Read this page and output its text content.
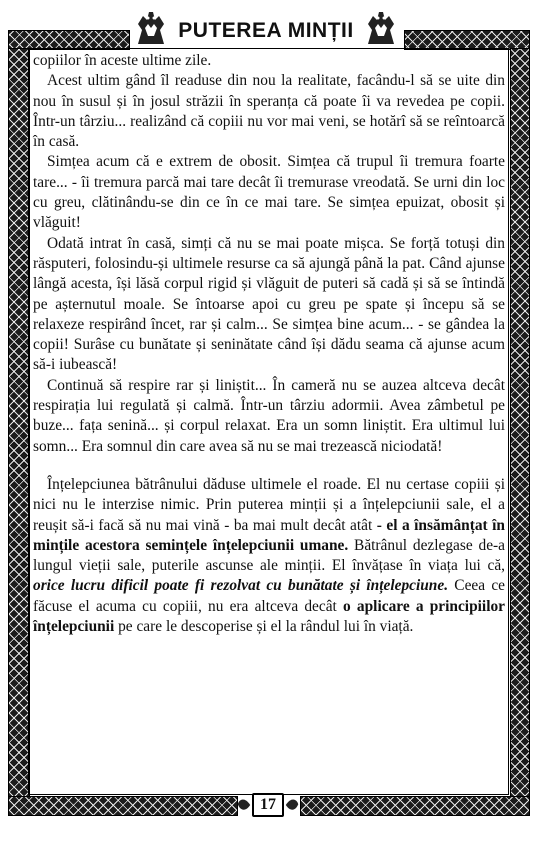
PUTEREA MINȚII

copiilor în aceste ultime zile.

Acest ultim gând îl readuse din nou la realitate, facându-l să se uite din nou în susul și în josul străzii în speranța că poate îi va revedea pe copii. Într-un târziu... realizând că copiii nu vor mai veni, se hotărî să se reîntoarcă în casă.

Simțea acum că e extrem de obosit. Simțea că trupul îi tremura foarte tare... - îi tremura parcă mai tare decât îi tremurase vreodată. Se urni din loc cu greu, clătinându-se din ce în ce mai tare. Se simțea epuizat, obosit și vlăguit!

Odată intrat în casă, simți că nu se mai poate mișca. Se forță totuși din răsputeri, folosindu-și ultimele resurse ca să ajungă până la pat. Când ajunse lângă acesta, își lăsă corpul rigid și vlăguit de puteri să cadă și să se întindă pe așternutul moale. Se întoarse apoi cu greu pe spate și începu să se relaxeze respirând încet, rar și calm... Se simțea bine acum... - se gândea la copii! Surâse cu bunătate și seninătate când își dădu seama că ajunse acum să-i iubească!

Continuă să respire rar și liniștit... În cameră nu se auzea altceva decât respirația lui regulată și calmă. Într-un târziu adormii. Avea zâmbetul pe buze... fața senină... și corpul relaxat. Era un somn liniștit. Era ultimul lui somn... Era somnul din care avea să nu se mai trezească niciodată!

Înțelepciunea bătrânului dăduse ultimele el roade. El nu certase copiii și nici nu le interzise nimic. Prin puterea minții și a înțelepciunii sale, el a reușit să-i facă să nu mai vină - ba mai mult decât atât - el a însămânțat în mințile acestora semințele înțelepciunii umane. Bătrânul dezlegase de-a lungul vieții sale, puterile ascunse ale minții. El învățase în viața lui că, orice lucru dificil poate fi rezolvat cu bunătate și înțelepciune. Ceea ce făcuse el acuma cu copiii, nu era altceva decât o aplicare a principiilor înțelepciunii pe care le descoperise și el la rândul lui în viață.

17
